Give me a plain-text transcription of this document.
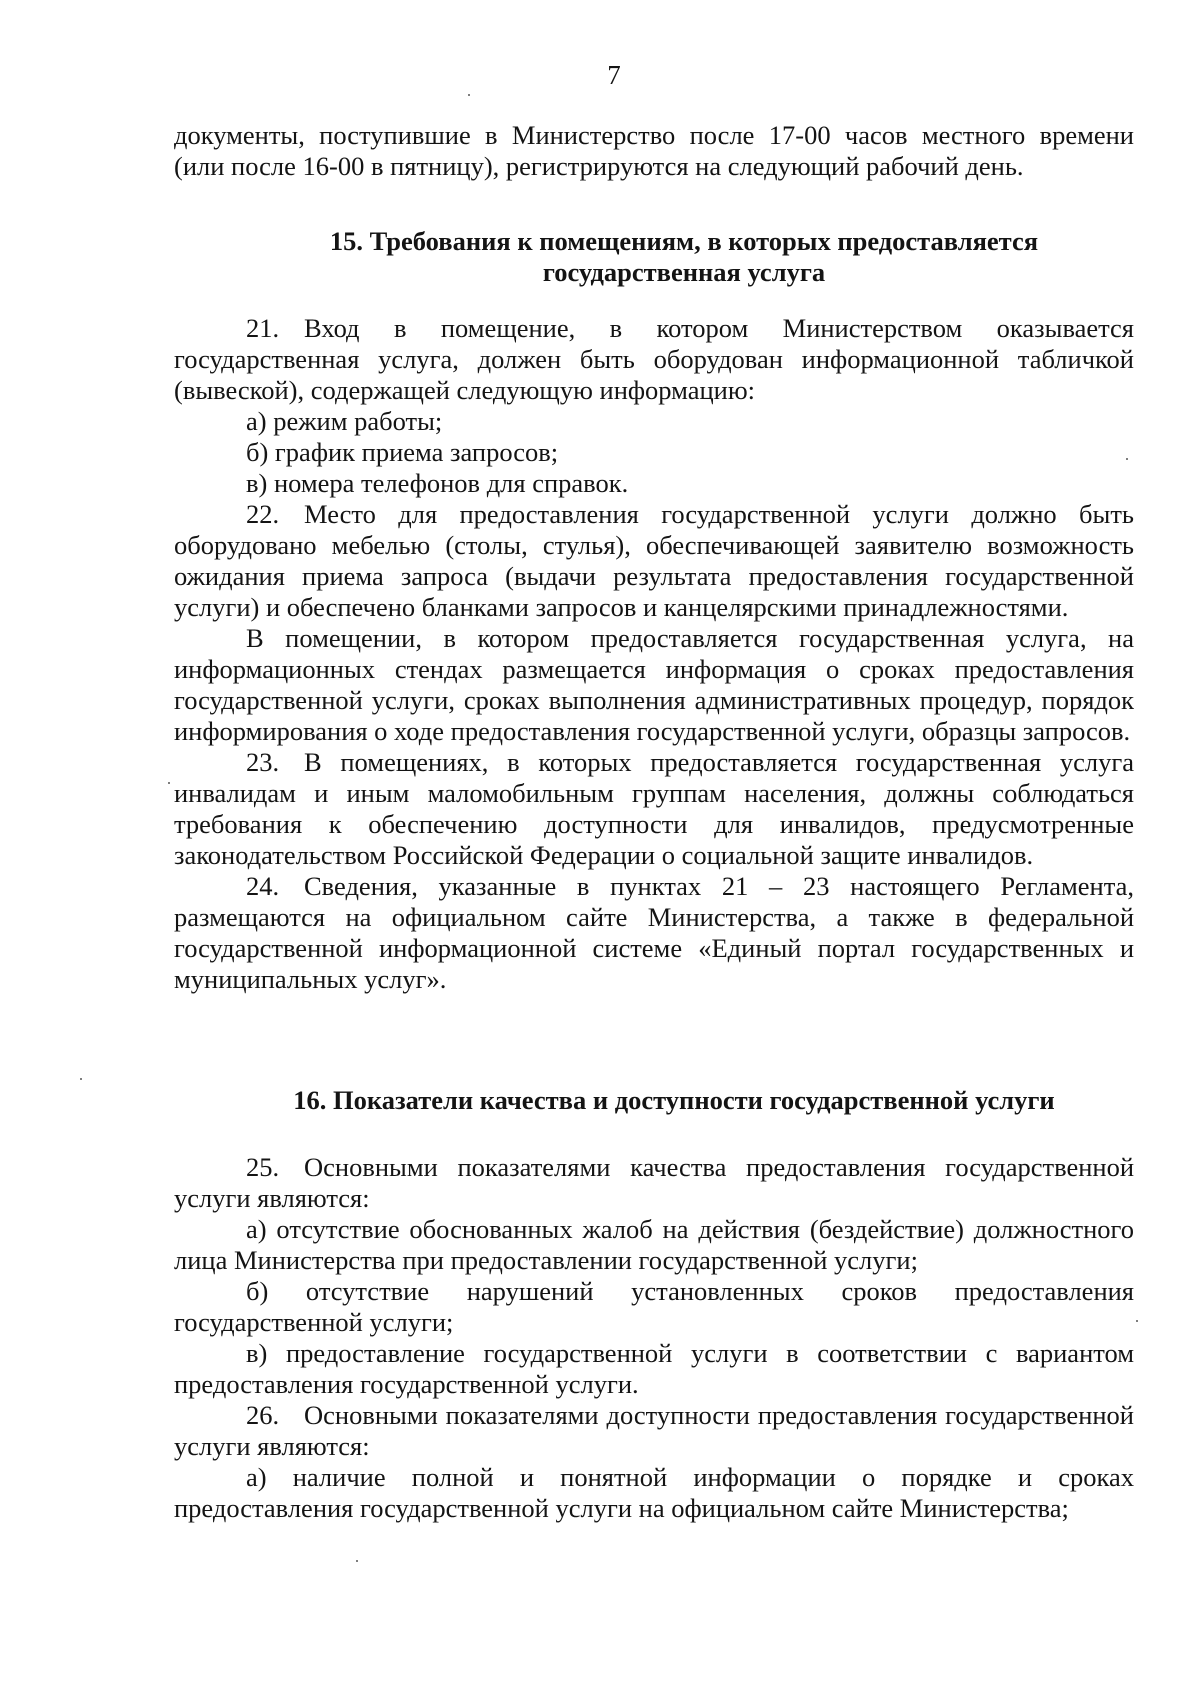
7

документы, поступившие в Министерство после 17-00 часов местного времени

(или после 16-00 в пятницу), регистрируются на следующий рабочий день.

15. Требования к помещениям, в которых предоставляется

государственная услуга

21. Вход в помещение, в котором Министерством оказывается государственная услуга, должен быть оборудован информационной табличкой (вывеской), содержащей следующую информацию:

а) режим работы;

б) график приема запросов;

в) номера телефонов для справок.

22. Место для предоставления государственной услуги должно быть оборудовано мебелью (столы, стулья), обеспечивающей заявителю возможность ожидания приема запроса (выдачи результата предоставления государственной услуги) и обеспечено бланками запросов и канцелярскими принадлежностями.

В помещении, в котором предоставляется государственная услуга, на информационных стендах размещается информация о сроках предоставления государственной услуги, сроках выполнения административных процедур, порядок информирования о ходе предоставления государственной услуги, образцы запросов.

23. В помещениях, в которых предоставляется государственная услуга инвалидам и иным маломобильным группам населения, должны соблюдаться требования к обеспечению доступности для инвалидов, предусмотренные законодательством Российской Федерации о социальной защите инвалидов.

24. Сведения, указанные в пунктах 21 – 23 настоящего Регламента, размещаются на официальном сайте Министерства, а также в федеральной государственной информационной системе «Единый портал государственных и муниципальных услуг».

16. Показатели качества и доступности государственной услуги

25. Основными показателями качества предоставления государственной услуги являются:

а) отсутствие обоснованных жалоб на действия (бездействие) должностного лица Министерства при предоставлении государственной услуги;

б) отсутствие нарушений установленных сроков предоставления государственной услуги;

в) предоставление государственной услуги в соответствии с вариантом предоставления государственной услуги.

26. Основными показателями доступности предоставления государственной услуги являются:

а) наличие полной и понятной информации о порядке и сроках предоставления государственной услуги на официальном сайте Министерства;
